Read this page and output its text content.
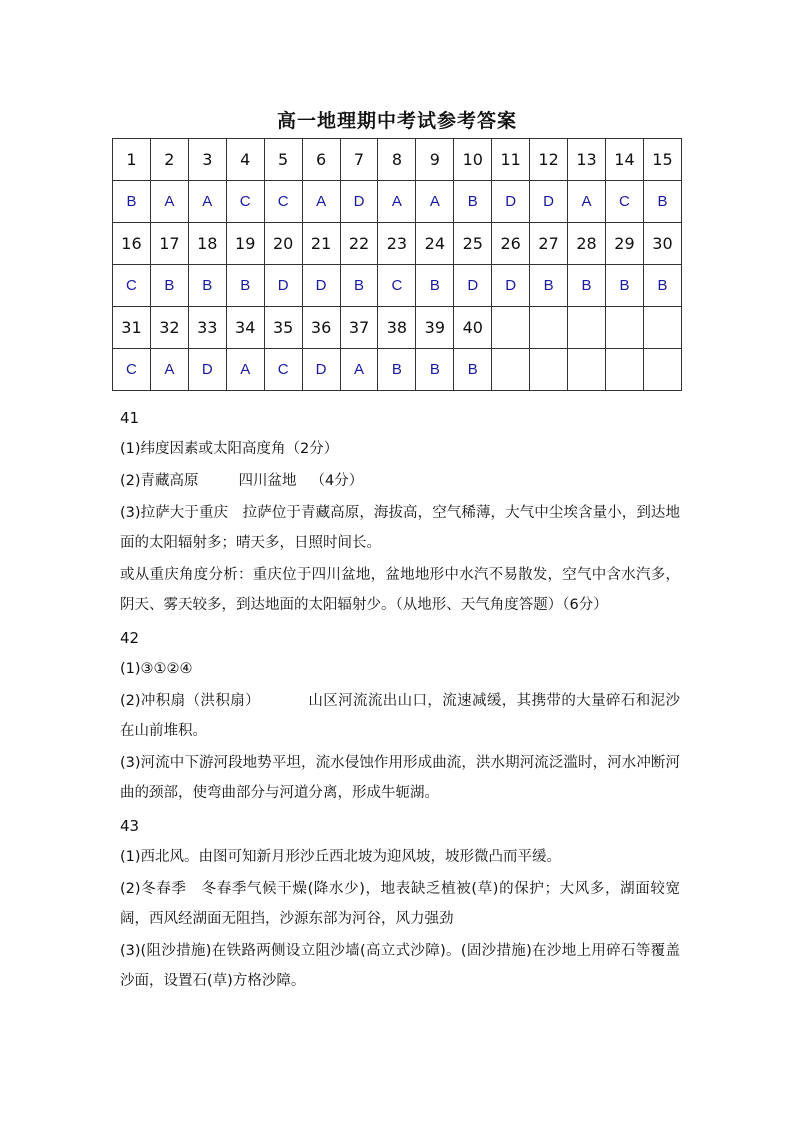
高一地理期中考试参考答案
1	2	3	4	5	6	7	8	9	10	11	12	13	14	15
B	A	A	C	C	A	D	A	A	B	D	D	A	C	B
16	17	18	19	20	21	22	23	24	25	26	27	28	29	30
C	B	B	B	D	D	B	C	B	D	D	B	B	B	B
31	32	33	34	35	36	37	38	39	40					
C	A	D	A	C	D	A	B	B	B					
41
(1)纬度因素或太阳高度角（2分）
(2)青藏高原	四川盆地 （4分）
(3)拉萨大于重庆　拉萨位于青藏高原，海拔高，空气稀薄，大气中尘埃含量小，到达地面的太阳辐射多；晴天多，日照时间长。
或从重庆角度分析：重庆位于四川盆地，盆地地形中水汽不易散发，空气中含水汽多，阴天、雾天较多，到达地面的太阳辐射少。（从地形、天气角度答题）（6分）
42
(1)③①②④
(2)冲积扇（洪积扇）	山区河流流出山口，流速减缓，其携带的大量碎石和泥沙在山前堆积。
(3)河流中下游河段地势平坦，流水侵蚀作用形成曲流，洪水期河流泛滥时，河水冲断河曲的颈部，使弯曲部分与河道分离，形成牛轭湖。
43
(1)西北风。由图可知新月形沙丘西北坡为迎风坡，坡形微凸而平缓。
(2)冬春季　冬春季气候干燥(降水少)，地表缺乏植被(草)的保护；大风多，湖面较宽阔，西风经湖面无阻挡，沙源东部为河谷，风力强劲
(3)(阻沙措施)在铁路两侧设立阻沙墙(高立式沙障)。(固沙措施)在沙地上用碎石等覆盖沙面，设置石(草)方格沙障。
